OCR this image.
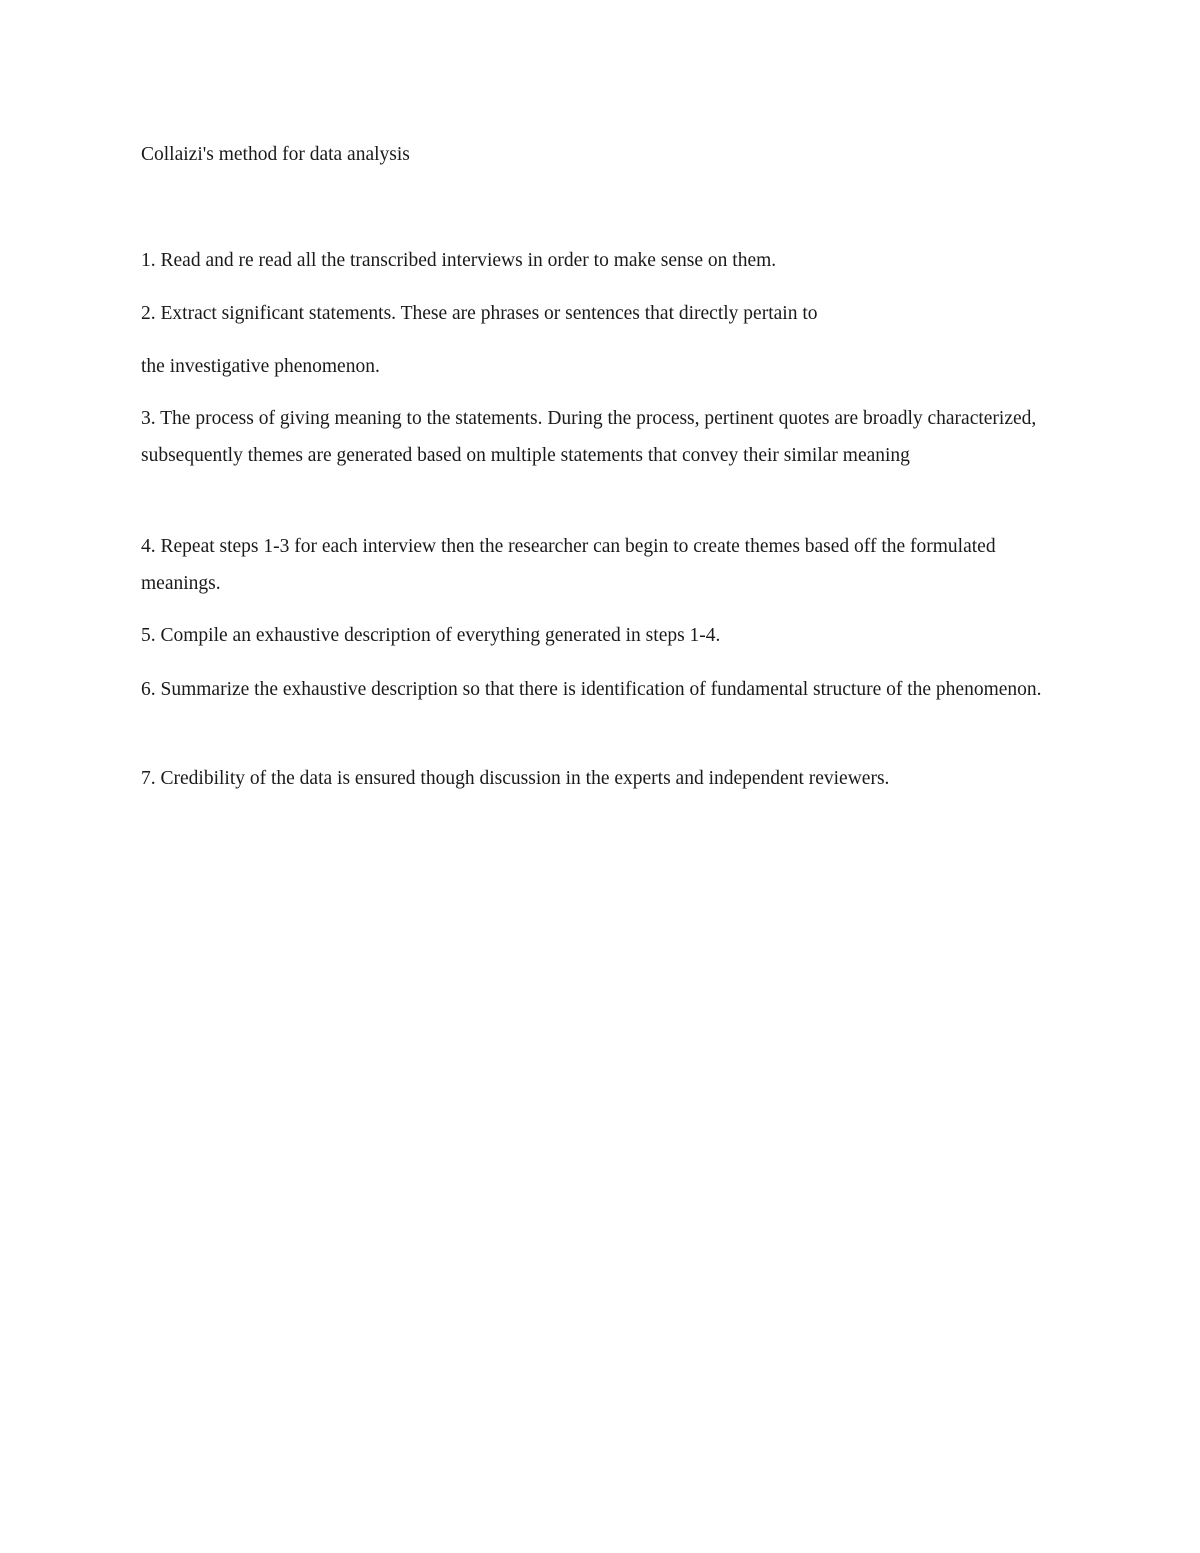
Collaizi's method for data analysis

1. Read and re read all the transcribed interviews in order to make sense on them.

2. Extract significant statements. These are phrases or sentences that directly pertain to

the investigative phenomenon.

3. The process of giving meaning to the statements. During the process, pertinent quotes are broadly characterized, subsequently themes are generated based on multiple statements that convey their similar meaning

4. Repeat steps 1-3 for each interview then the researcher can begin to create themes based off the formulated meanings.

5. Compile an exhaustive description of everything generated in steps 1-4.

6. Summarize the exhaustive description so that there is identification of fundamental structure of the phenomenon.

7. Credibility of the data is ensured though discussion in the experts and independent reviewers.
